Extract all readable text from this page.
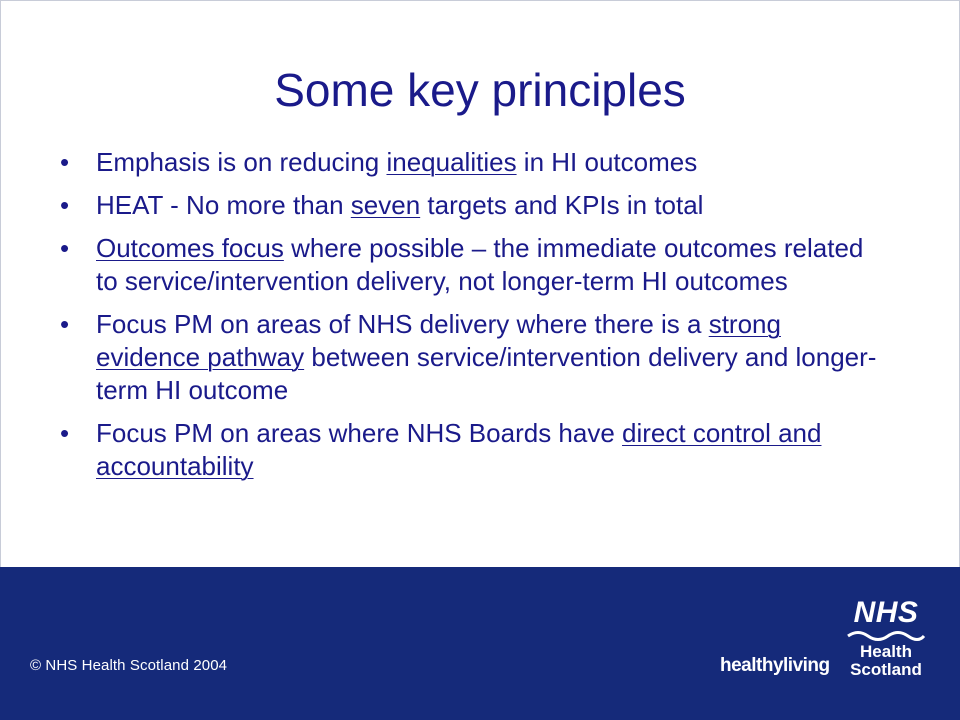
Some key principles
• Emphasis is on reducing inequalities in HI outcomes
• HEAT - No more than seven targets and KPIs in total
• Outcomes focus where possible – the immediate outcomes related to service/intervention delivery, not longer-term HI outcomes
• Focus PM on areas of NHS delivery where there is a strong evidence pathway between service/intervention delivery and longer-term HI outcome
• Focus PM on areas where NHS Boards have direct control and accountability
© NHS Health Scotland 2004	healthyliving
NHS
Health
Scotland
